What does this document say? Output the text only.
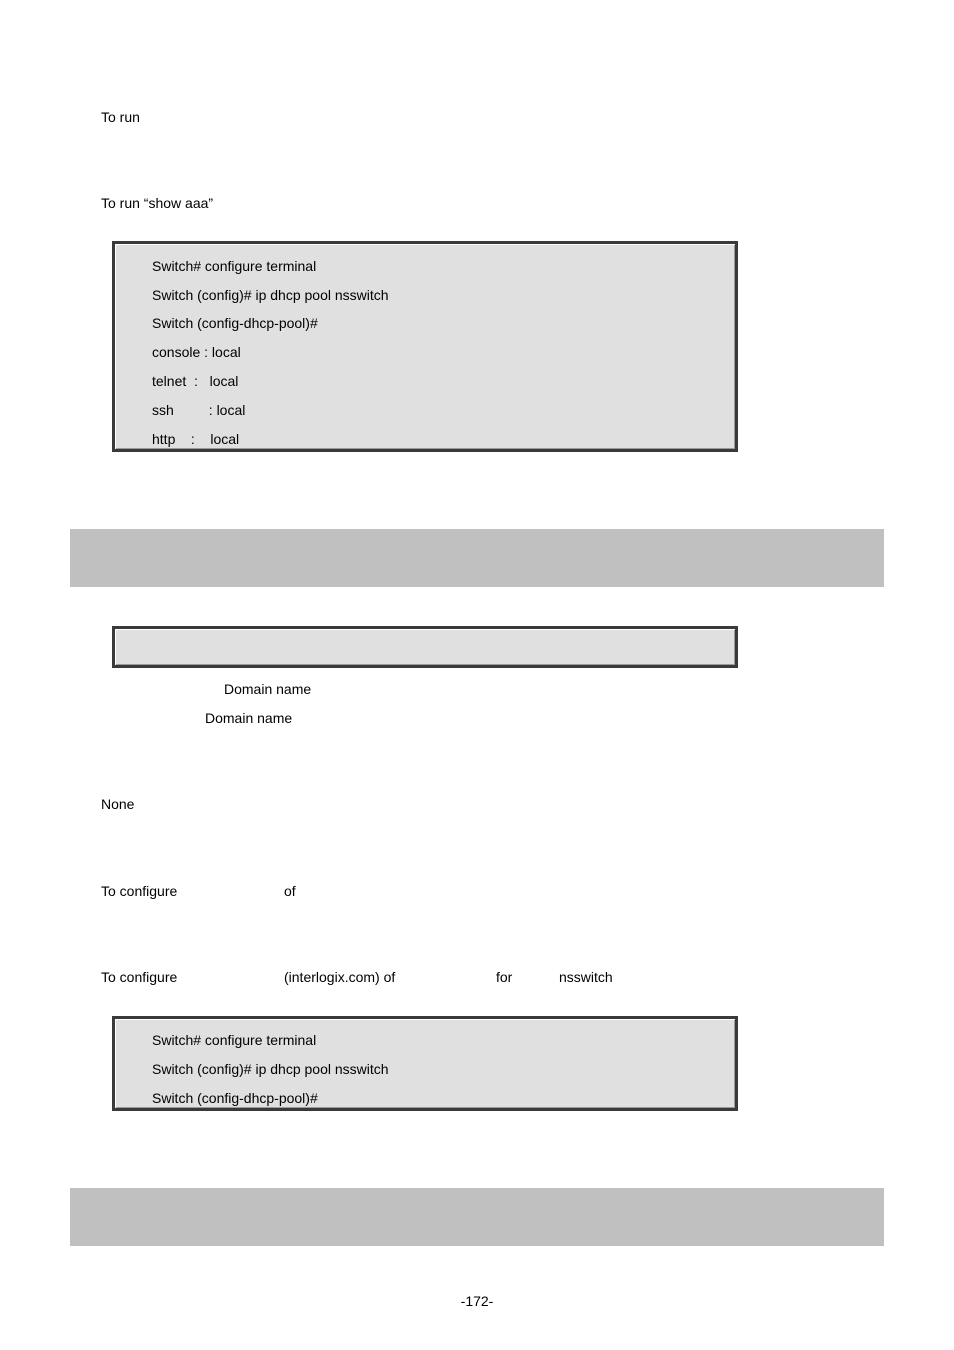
To run
To run “show aaa”
Switch# configure terminal
Switch (config)# ip dhcp pool nsswitch
Switch (config-dhcp-pool)#
console : local
telnet  :   local
ssh         : local
http    :    local
Domain name
Domain name
None
To configure	of
To configure	(interlogix.com) of	for	nsswitch
Switch# configure terminal
Switch (config)# ip dhcp pool nsswitch
Switch (config-dhcp-pool)#
-172-
